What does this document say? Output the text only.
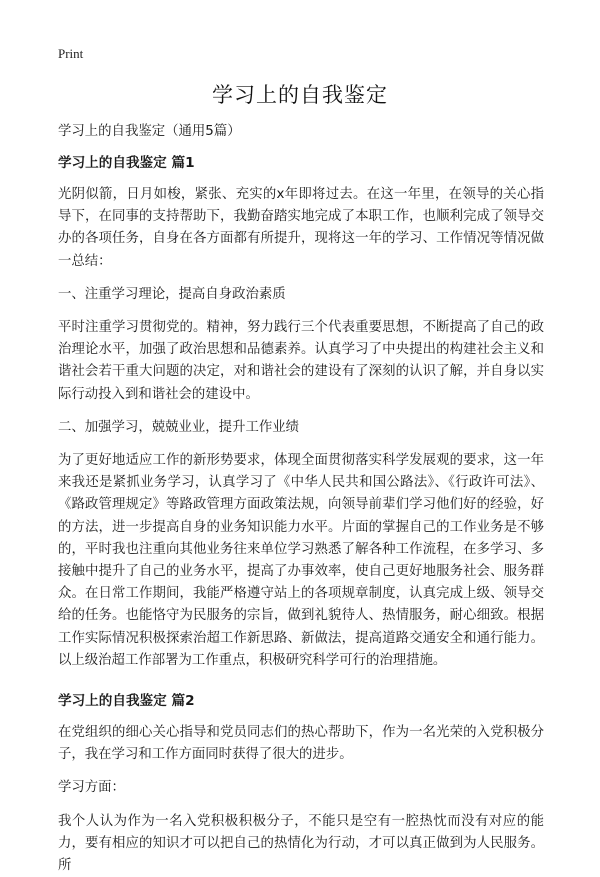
Print
学习上的自我鉴定

学习上的自我鉴定（通用5篇）

学习上的自我鉴定 篇1

光阴似箭，日月如梭，紧张、充实的x年即将过去。在这一年里，在领导的关心指导下，在同事的支持帮助下，我勤奋踏实地完成了本职工作，也顺利完成了领导交办的各项任务，自身在各方面都有所提升，现将这一年的学习、工作情况等情况做一总结：

一、注重学习理论，提高自身政治素质

平时注重学习贯彻党的。精神，努力践行三个代表重要思想，不断提高了自己的政治理论水平，加强了政治思想和品德素养。认真学习了中央提出的构建社会主义和谐社会若干重大问题的决定，对和谐社会的建设有了深刻的认识了解，并自身以实际行动投入到和谐社会的建设中。

二、加强学习，兢兢业业，提升工作业绩

为了更好地适应工作的新形势要求，体现全面贯彻落实科学发展观的要求，这一年来我还是紧抓业务学习，认真学习了《中华人民共和国公路法》、《行政许可法》、《路政管理规定》等路政管理方面政策法规，向领导前辈们学习他们好的经验，好的方法，进一步提高自身的业务知识能力水平。片面的掌握自己的工作业务是不够的，平时我也注重向其他业务往来单位学习熟悉了解各种工作流程，在多学习、多接触中提升了自己的业务水平，提高了办事效率，使自己更好地服务社会、服务群众。在日常工作期间，我能严格遵守站上的各项规章制度，认真完成上级、领导交给的任务。也能恪守为民服务的宗旨，做到礼貌待人、热情服务，耐心细致。根据工作实际情况积极探索治超工作新思路、新做法，提高道路交通安全和通行能力。以上级治超工作部署为工作重点，积极研究科学可行的治理措施。

学习上的自我鉴定 篇2

在党组织的细心关心指导和党员同志们的热心帮助下，作为一名光荣的入党积极分子，我在学习和工作方面同时获得了很大的进步。

学习方面：

我个人认为作为一名入党积极积极分子，不能只是空有一腔热忱而没有对应的能力，要有相应的知识才可以把自己的热情化为行动，才可以真正做到为人民服务。所
